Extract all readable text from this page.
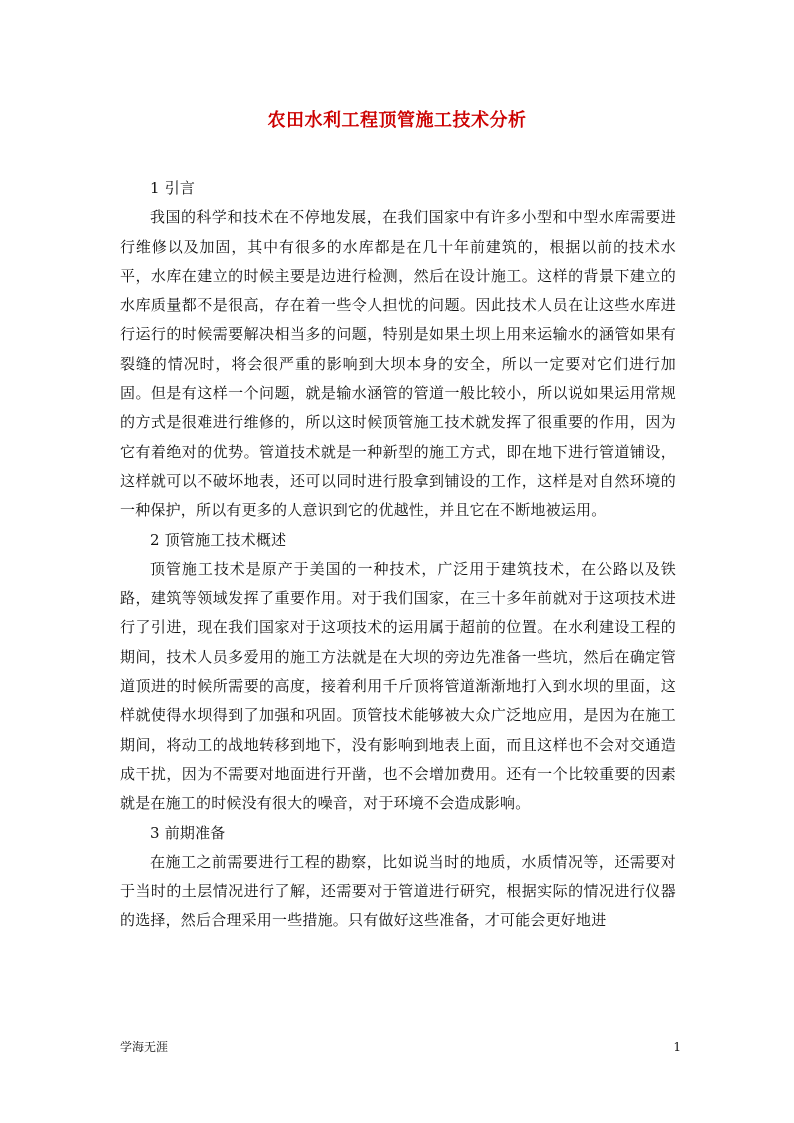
农田水利工程顶管施工技术分析
1 引言

我国的科学和技术在不停地发展，在我们国家中有许多小型和中型水库需要进行维修以及加固，其中有很多的水库都是在几十年前建筑的，根据以前的技术水平，水库在建立的时候主要是边进行检测，然后在设计施工。这样的背景下建立的水库质量都不是很高，存在着一些令人担忧的问题。因此技术人员在让这些水库进行运行的时候需要解决相当多的问题，特别是如果土坝上用来运输水的涵管如果有裂缝的情况时，将会很严重的影响到大坝本身的安全，所以一定要对它们进行加固。但是有这样一个问题，就是输水涵管的管道一般比较小，所以说如果运用常规的方式是很难进行维修的，所以这时候顶管施工技术就发挥了很重要的作用，因为它有着绝对的优势。管道技术就是一种新型的施工方式，即在地下进行管道铺设，这样就可以不破坏地表，还可以同时进行股拿到铺设的工作，这样是对自然环境的一种保护，所以有更多的人意识到它的优越性，并且它在不断地被运用。

2 顶管施工技术概述

顶管施工技术是原产于美国的一种技术，广泛用于建筑技术，在公路以及铁路，建筑等领域发挥了重要作用。对于我们国家，在三十多年前就对于这项技术进行了引进，现在我们国家对于这项技术的运用属于超前的位置。在水利建设工程的期间，技术人员多爱用的施工方法就是在大坝的旁边先准备一些坑，然后在确定管道顶进的时候所需要的高度，接着利用千斤顶将管道渐渐地打入到水坝的里面，这样就使得水坝得到了加强和巩固。顶管技术能够被大众广泛地应用，是因为在施工期间，将动工的战地转移到地下，没有影响到地表上面，而且这样也不会对交通造成干扰，因为不需要对地面进行开凿，也不会增加费用。还有一个比较重要的因素就是在施工的时候没有很大的噪音，对于环境不会造成影响。

3 前期准备

在施工之前需要进行工程的勘察，比如说当时的地质，水质情况等，还需要对于当时的土层情况进行了解，还需要对于管道进行研究，根据实际的情况进行仪器的选择，然后合理采用一些措施。只有做好这些准备，才可能会更好地进

学海无涯	1
